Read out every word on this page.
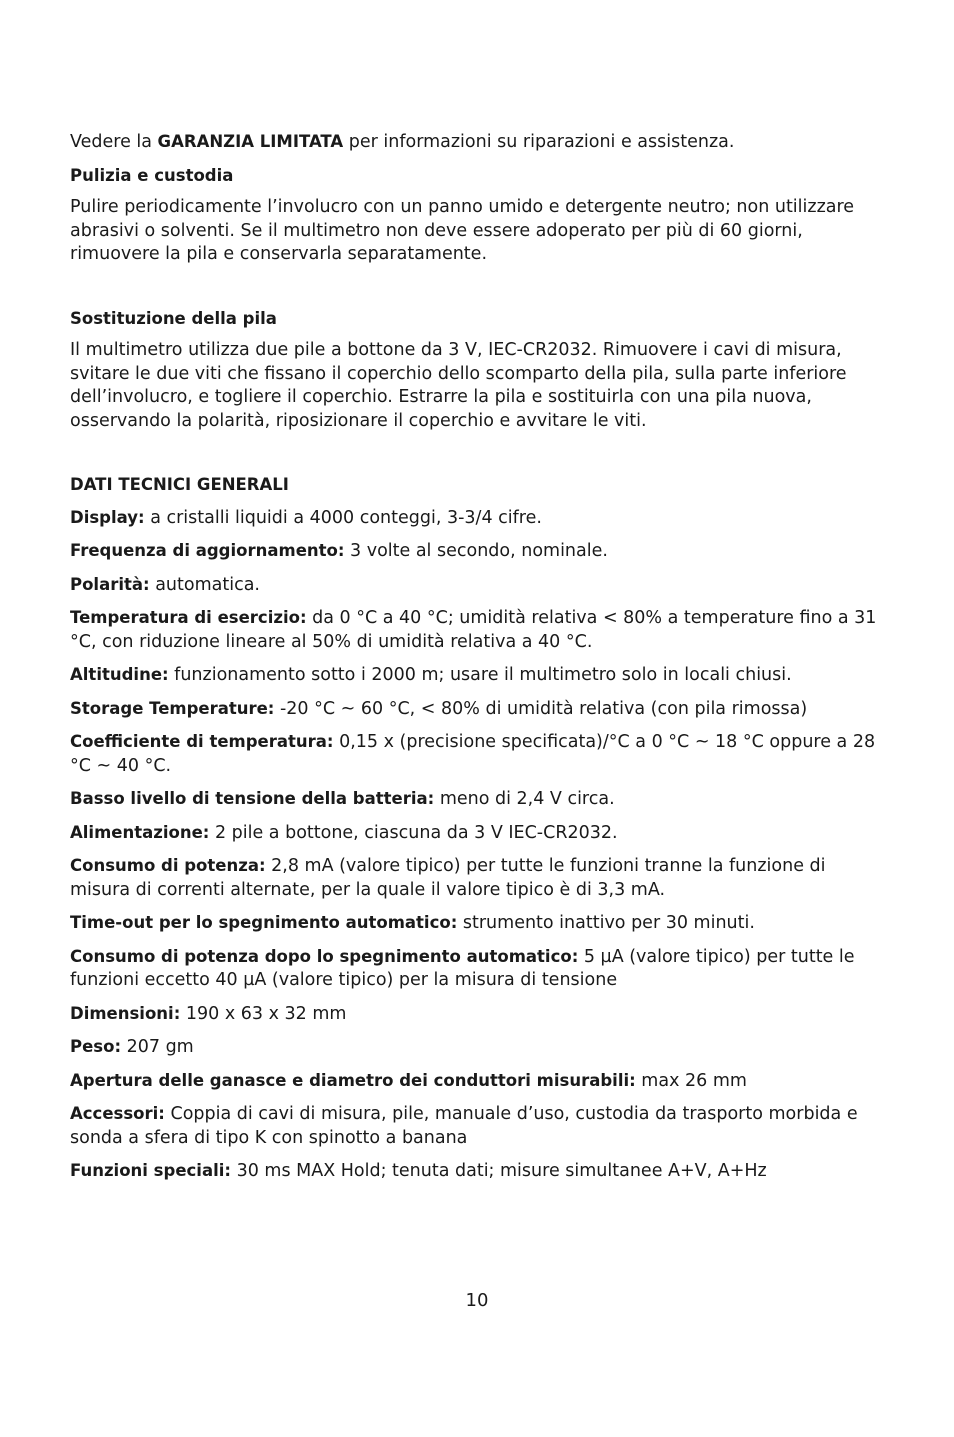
Vedere la GARANZIA LIMITATA per informazioni su riparazioni e assistenza.

Pulizia e custodia

Pulire periodicamente l’involucro con un panno umido e detergente neutro; non utilizzare abrasivi o solventi. Se il multimetro non deve essere adoperato per più di 60 giorni, rimuovere la pila e conservarla separatamente.

Sostituzione della pila

Il multimetro utilizza due pile a bottone da 3 V, IEC-CR2032. Rimuovere i cavi di misura, svitare le due viti che fissano il coperchio dello scomparto della pila, sulla parte inferiore dell’involucro, e togliere il coperchio. Estrarre la pila e sostituirla con una pila nuova, osservando la polarità, riposizionare il coperchio e avvitare le viti.

DATI TECNICI GENERALI

Display: a cristalli liquidi a 4000 conteggi, 3-3/4 cifre.

Frequenza di aggiornamento: 3 volte al secondo, nominale.

Polarità: automatica.

Temperatura di esercizio: da 0 °C a 40 °C; umidità relativa < 80% a temperature fino a 31 °C, con riduzione lineare al 50% di umidità relativa a 40 °C.

Altitudine: funzionamento sotto i 2000 m; usare il multimetro solo in locali chiusi.

Storage Temperature: -20 °C ~ 60 °C, < 80% di umidità relativa (con pila rimossa)

Coefficiente di temperatura: 0,15 x (precisione specificata)/°C a 0 °C ~ 18 °C oppure a 28 °C ~ 40 °C.

Basso livello di tensione della batteria: meno di 2,4 V circa.

Alimentazione: 2 pile a bottone, ciascuna da 3 V IEC-CR2032.

Consumo di potenza: 2,8 mA (valore tipico) per tutte le funzioni tranne la funzione di misura di correnti alternate, per la quale il valore tipico è di 3,3 mA.

Time-out per lo spegnimento automatico: strumento inattivo per 30 minuti.

Consumo di potenza dopo lo spegnimento automatico: 5 µA (valore tipico) per tutte le funzioni eccetto 40 µA (valore tipico) per la misura di tensione

Dimensioni: 190 x 63 x 32 mm

Peso: 207 gm

Apertura delle ganasce e diametro dei conduttori misurabili: max 26 mm

Accessori: Coppia di cavi di misura, pile, manuale d’uso, custodia da trasporto morbida e sonda a sfera di tipo K con spinotto a banana

Funzioni speciali: 30 ms MAX Hold; tenuta dati; misure simultanee A+V, A+Hz

10
